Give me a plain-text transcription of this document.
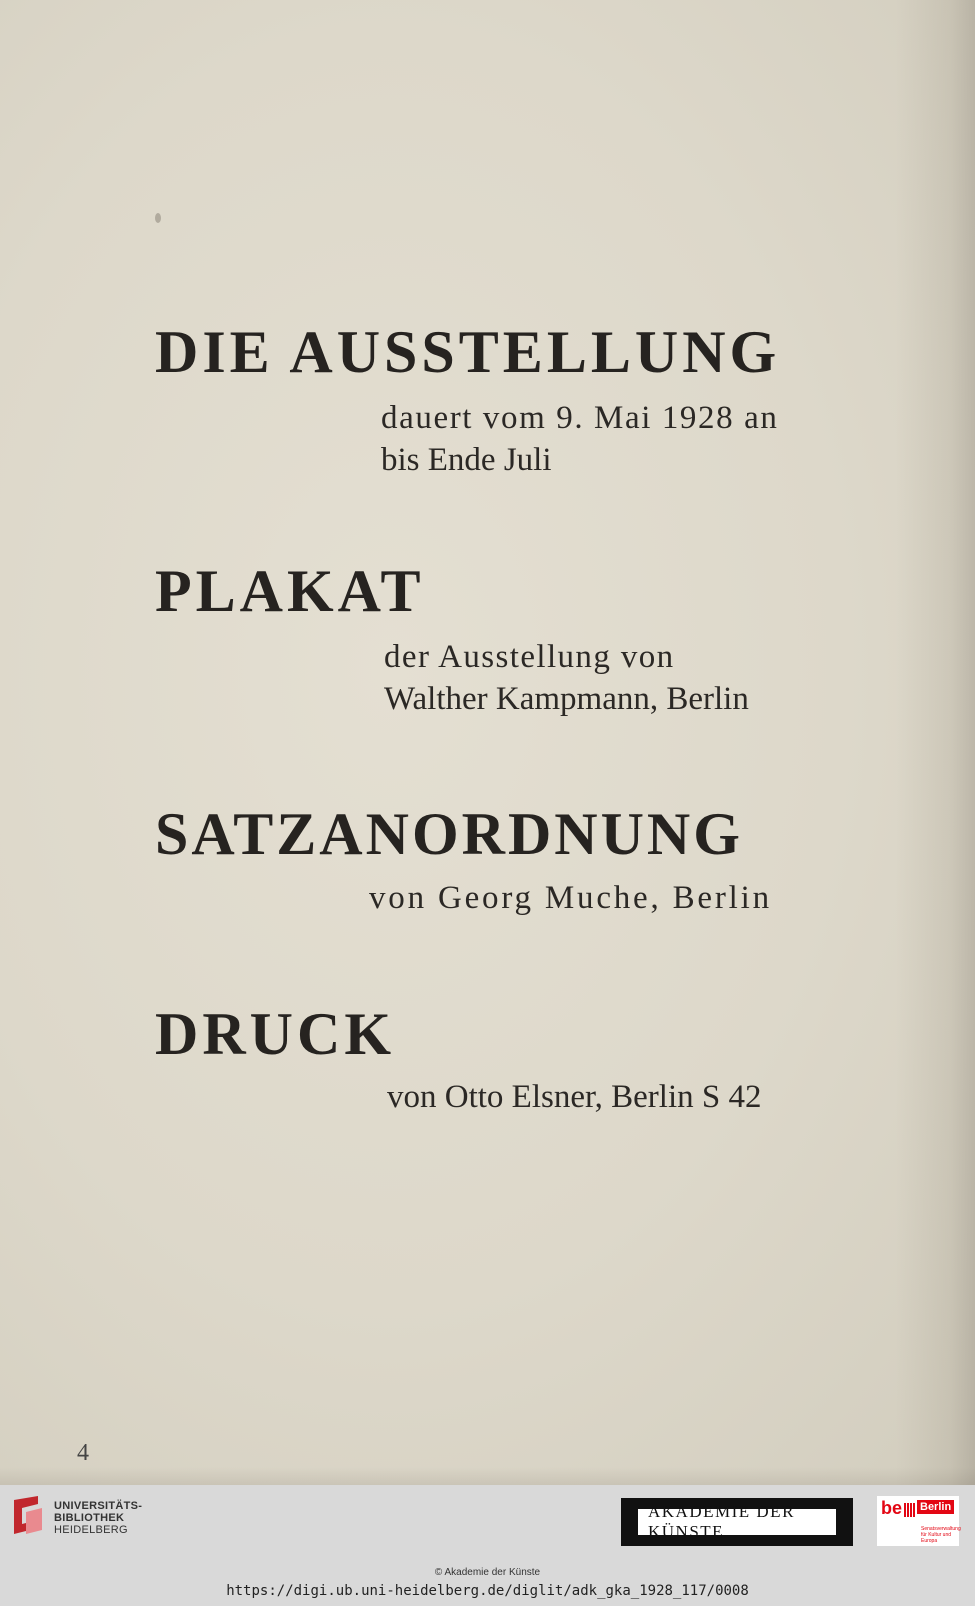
DIE AUSSTELLUNG

dauert vom 9. Mai 1928 an

bis Ende Juli

PLAKAT

der Ausstellung von

Walther Kampmann, Berlin

SATZANORDNUNG

von Georg Muche, Berlin

DRUCK

von Otto Elsner, Berlin S 42

4

UNIVERSITÄTS-
BIBLIOTHEK
HEIDELBERG
AKADEMIE DER KÜNSTE
be Berlin
Senatsverwaltung für Kultur und Europa

© Akademie der Künste

https://digi.ub.uni-heidelberg.de/diglit/adk_gka_1928_117/0008
